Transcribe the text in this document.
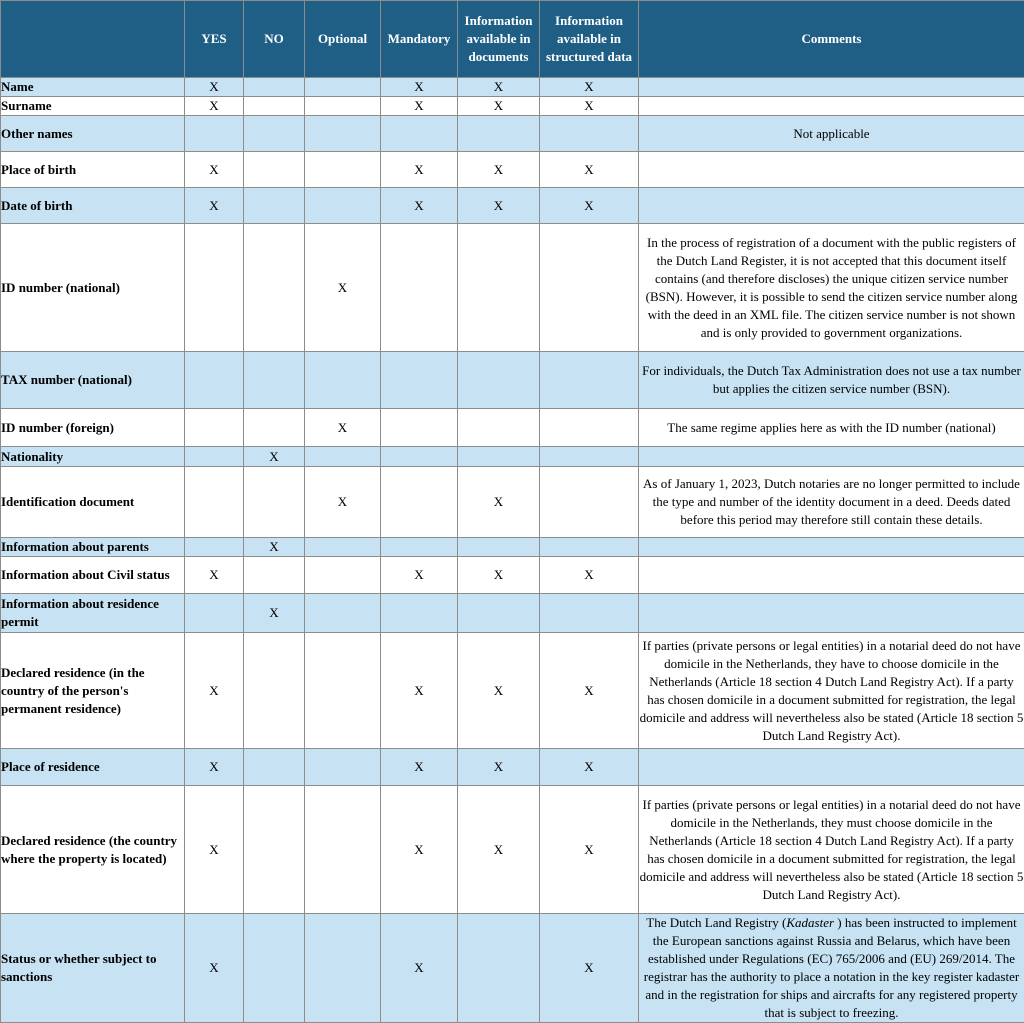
	YES	NO	Optional	Mandatory	Information
available in
documents	Information
available in
structured data	Comments
Name	X			X	X	X	
Surname	X			X	X	X	
Other names							Not applicable
Place of birth	X			X	X	X	
Date of birth	X			X	X	X	
ID number (national)			X				In the process of registration of a document with the public registers of the Dutch Land Register, it is not accepted that this document itself contains (and therefore discloses) the unique citizen service number (BSN). However, it is possible to send the citizen service number along with the deed in an XML file. The citizen service number is not shown and is only provided to government organizations.
TAX number (national)							For individuals, the Dutch Tax Administration does not use a tax number but applies the citizen service number (BSN).
ID number (foreign)			X				The same regime applies here as with the ID number (national)
Nationality		X					
Identification document			X		X		As of January 1, 2023, Dutch notaries are no longer permitted to include the type and number of the identity document in a deed. Deeds dated before this period may therefore still contain these details.
Information about parents		X					
Information about Civil status	X			X	X	X	
Information about residence permit		X					
Declared residence (in the country of the person's permanent residence)	X			X	X	X	If parties (private persons or legal entities) in a notarial deed do not have domicile in the Netherlands, they have to choose domicile in the Netherlands (Article 18 section 4 Dutch Land Registry Act). If a party has chosen domicile in a document submitted for registration, the legal domicile and address will nevertheless also be stated (Article 18 section 5 Dutch Land Registry Act).
Place of residence	X			X	X	X	
Declared residence (the country where the property is located)	X			X	X	X	If parties (private persons or legal entities) in a notarial deed do not have domicile in the Netherlands, they must choose domicile in the Netherlands (Article 18 section 4 Dutch Land Registry Act). If a party has chosen domicile in a document submitted for registration, the legal domicile and address will nevertheless also be stated (Article 18 section 5 Dutch Land Registry Act).
Status or whether subject to sanctions	X			X		X	The Dutch Land Registry (Kadaster ) has been instructed to implement the European sanctions against Russia and Belarus, which have been established under Regulations (EC) 765/2006 and (EU) 269/2014. The registrar has the authority to place a notation in the key register kadaster and in the registration for ships and aircrafts for any registered property that is subject to freezing.
